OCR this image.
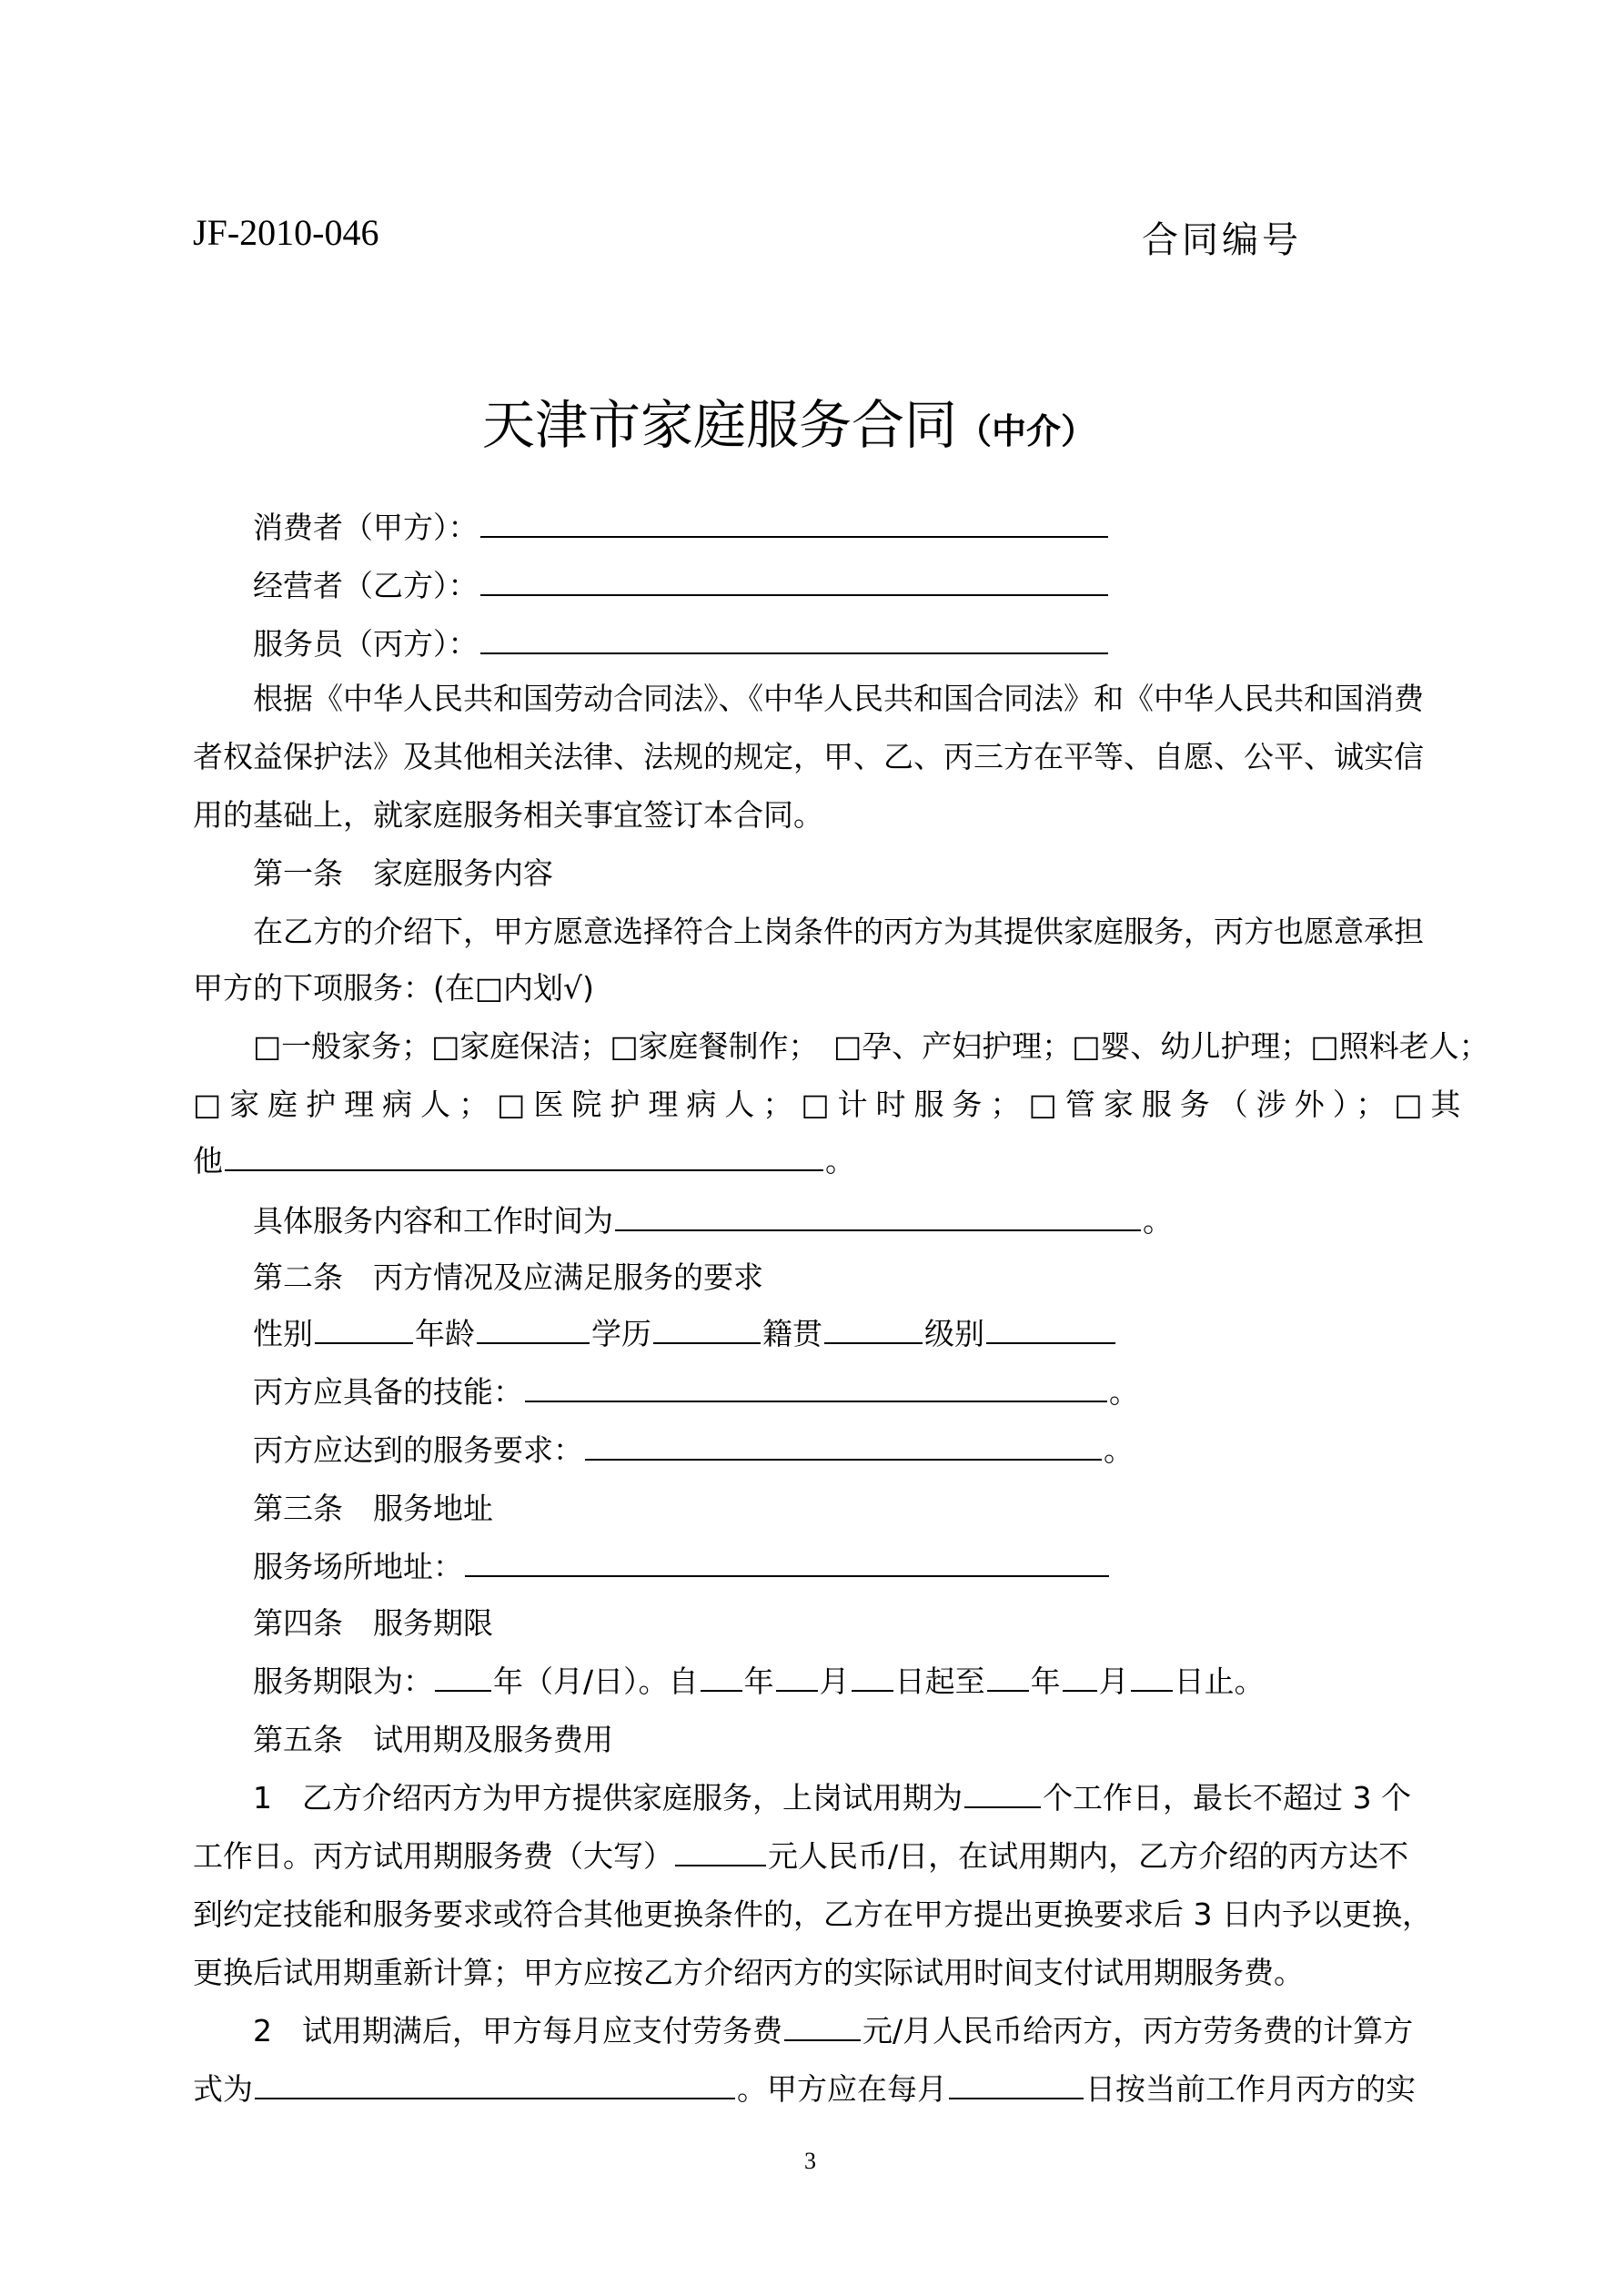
JF-2010-046	合同编号
天津市家庭服务合同（中介）
消费者（甲方）：
经营者（乙方）：
服务员（丙方）：
根据《中华人民共和国劳动合同法》、《中华人民共和国合同法》和《中华人民共和国消费
者权益保护法》及其他相关法律、法规的规定，甲、乙、丙三方在平等、自愿、公平、诚实信
用的基础上，就家庭服务相关事宜签订本合同。
第一条　家庭服务内容
在乙方的介绍下，甲方愿意选择符合上岗条件的丙方为其提供家庭服务，丙方也愿意承担
甲方的下项服务：(在□内划√)
□一般家务；□家庭保洁；□家庭餐制作；　□孕、产妇护理；□婴、幼儿护理；□照料老人；
□家庭护理病人；□医院护理病人；□计时服务；□管家服务（涉外）；□其
他	。
具体服务内容和工作时间为	。
第二条　丙方情况及应满足服务的要求
性别	年龄	学历	籍贯	级别
丙方应具备的技能：	。
丙方应达到的服务要求：	。
第三条　服务地址
服务场所地址：
第四条　服务期限
服务期限为： 年（月/日）。自 年 月 日起至 年 月 日止。
第五条　试用期及服务费用
1　乙方介绍丙方为甲方提供家庭服务，上岗试用期为	个工作日，最长不超过 3 个
工作日。丙方试用期服务费（大写）	元人民币/日，在试用期内，乙方介绍的丙方达不
到约定技能和服务要求或符合其他更换条件的，乙方在甲方提出更换要求后 3 日内予以更换，
更换后试用期重新计算；甲方应按乙方介绍丙方的实际试用时间支付试用期服务费。
2　试用期满后，甲方每月应支付劳务费	元/月人民币给丙方，丙方劳务费的计算方
式为	。甲方应在每月	日按当前工作月丙方的实
3
